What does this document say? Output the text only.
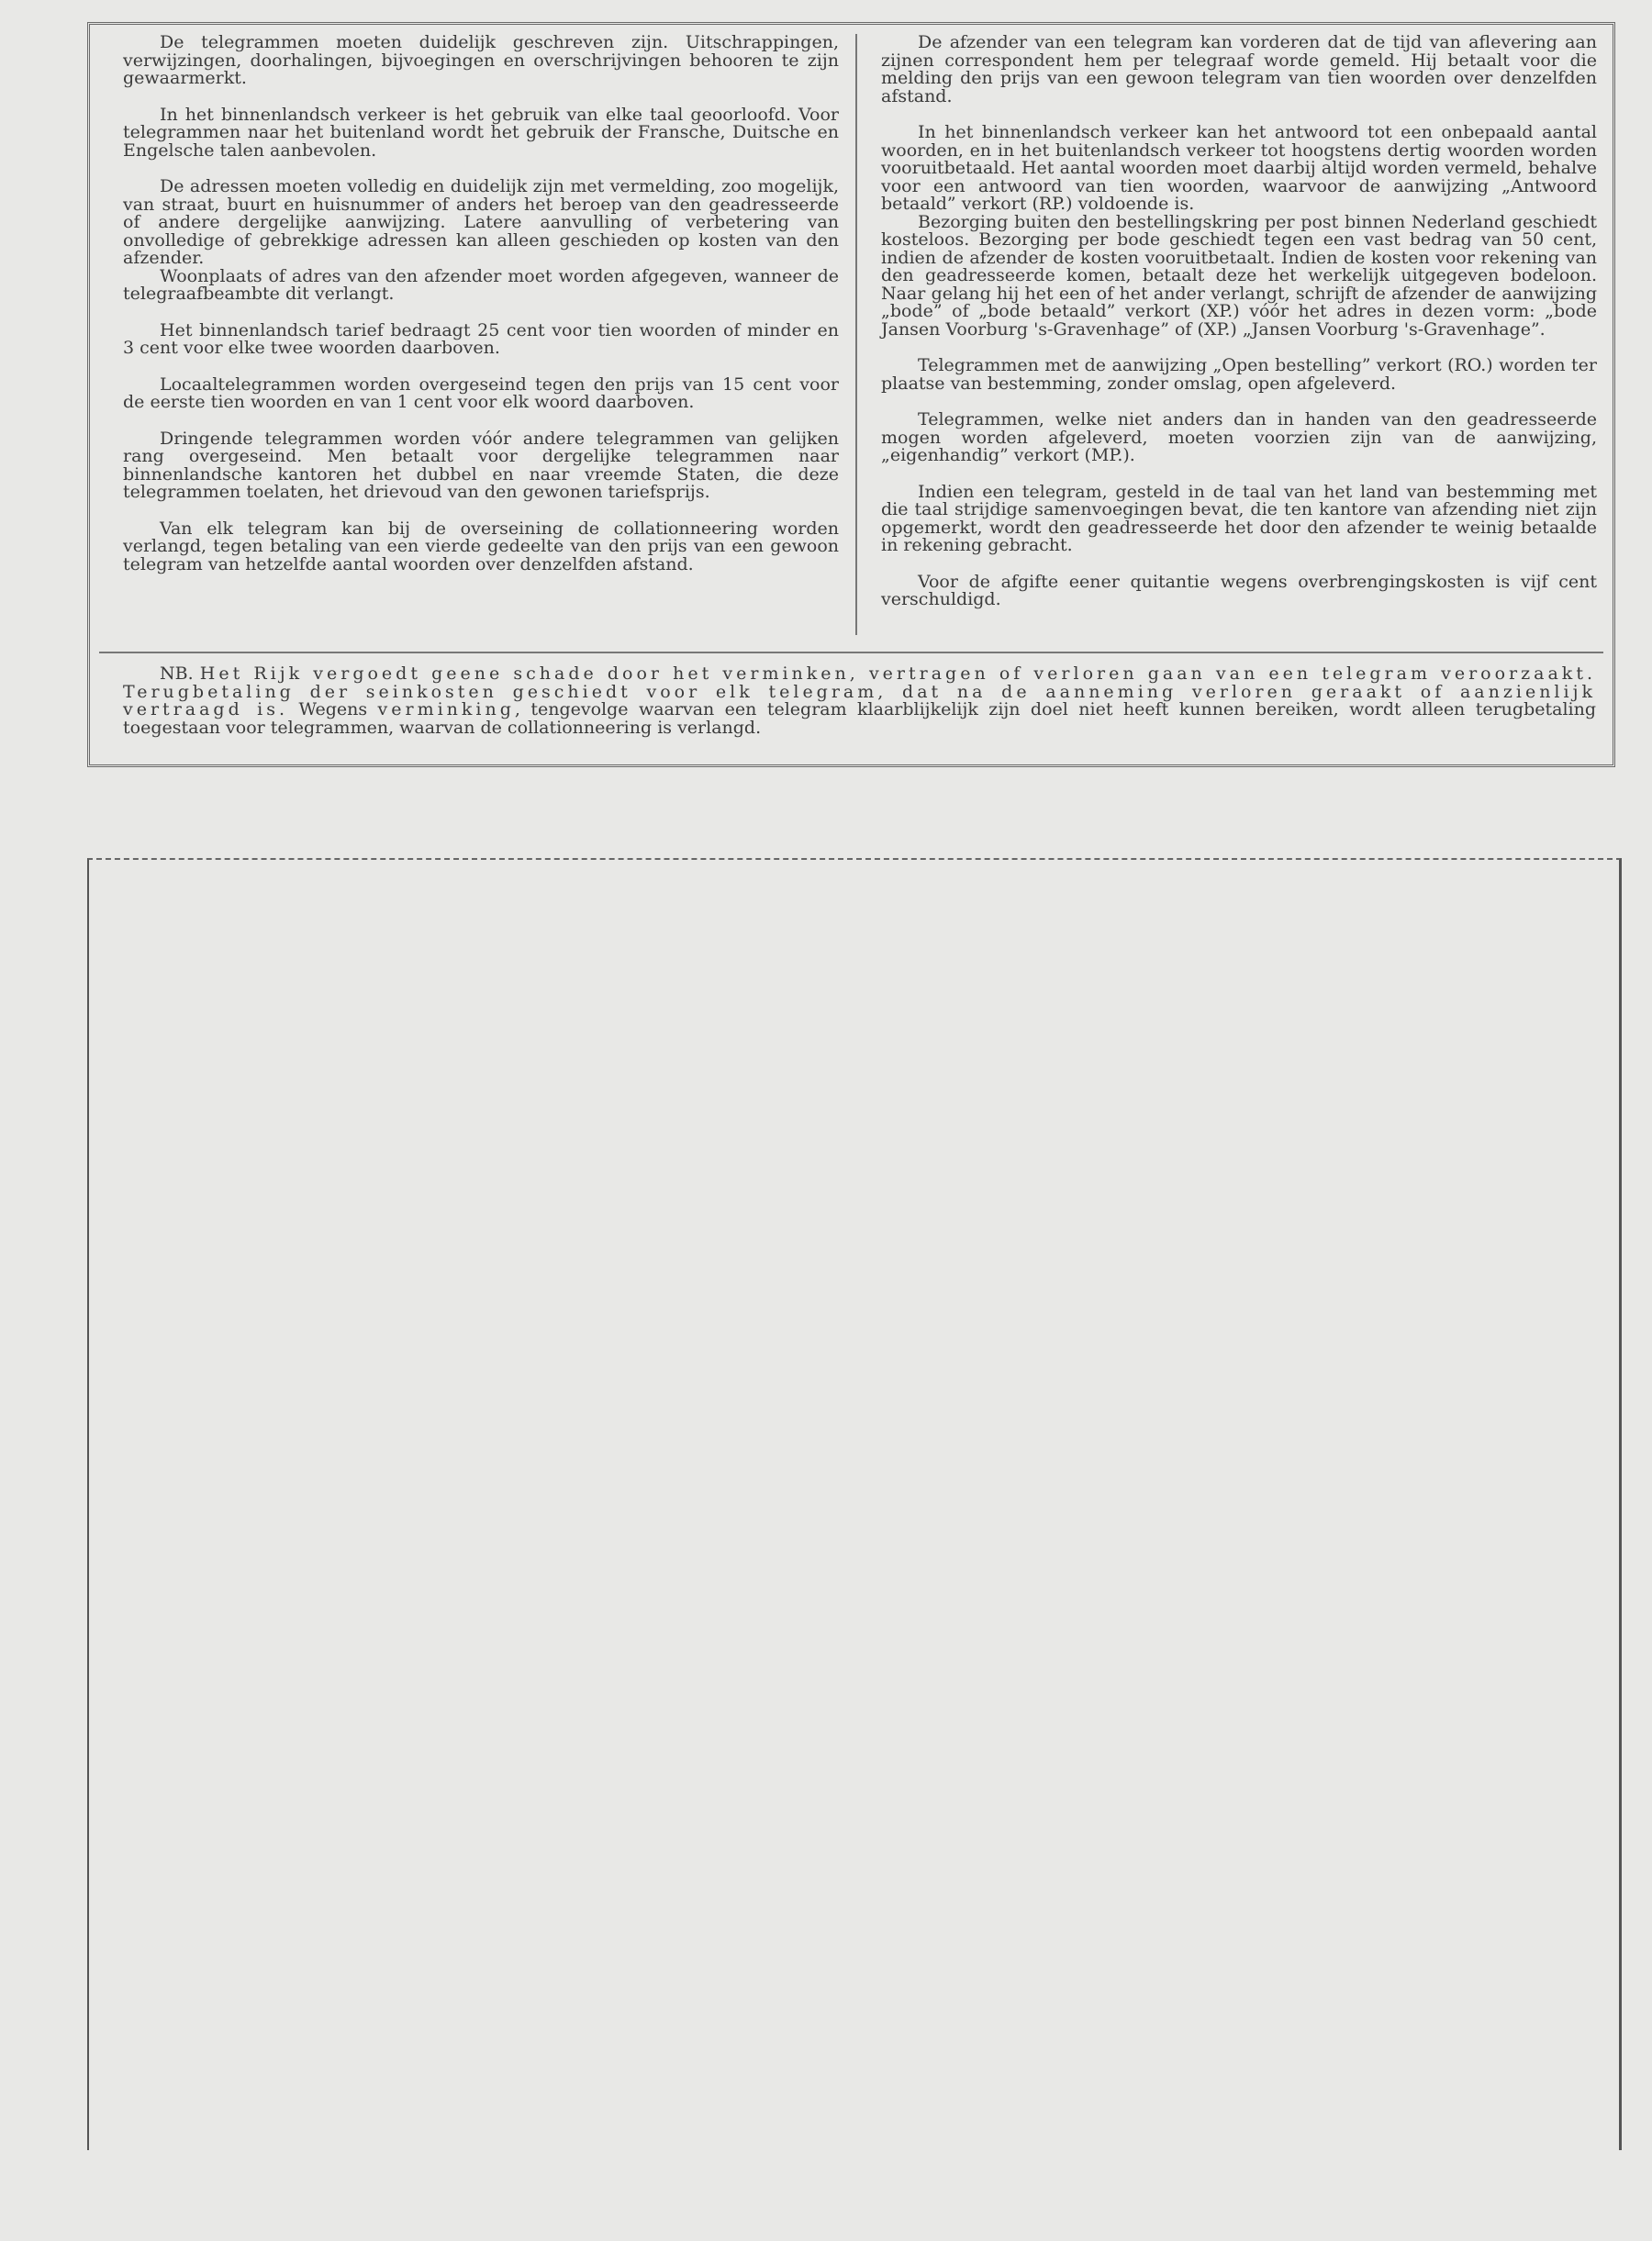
De telegrammen moeten duidelijk geschreven zijn. Uitschrappingen, verwijzingen, doorhalingen, bijvoegingen en overschrijvingen behooren te zijn gewaarmerkt.

In het binnenlandsch verkeer is het gebruik van elke taal geoorloofd. Voor telegrammen naar het buitenland wordt het gebruik der Fransche, Duitsche en Engelsche talen aanbevolen.

De adressen moeten volledig en duidelijk zijn met vermelding, zoo mogelijk, van straat, buurt en huisnummer of anders het beroep van den geadresseerde of andere dergelijke aanwijzing. Latere aanvulling of verbetering van onvolledige of gebrekkige adressen kan alleen geschieden op kosten van den afzender.

Woonplaats of adres van den afzender moet worden afgegeven, wanneer de telegraafbeambte dit verlangt.

Het binnenlandsch tarief bedraagt 25 cent voor tien woorden of minder en 3 cent voor elke twee woorden daarboven.

Locaaltelegrammen worden overgeseind tegen den prijs van 15 cent voor de eerste tien woorden en van 1 cent voor elk woord daarboven.

Dringende telegrammen worden vóór andere telegrammen van gelijken rang overgeseind. Men betaalt voor dergelijke telegrammen naar binnenlandsche kantoren het dubbel en naar vreemde Staten, die deze telegrammen toelaten, het drievoud van den gewonen tariefsprijs.

Van elk telegram kan bij de overseining de collationneering worden verlangd, tegen betaling van een vierde gedeelte van den prijs van een gewoon telegram van hetzelfde aantal woorden over denzelfden afstand.

De afzender van een telegram kan vorderen dat de tijd van aflevering aan zijnen correspondent hem per telegraaf worde gemeld. Hij betaalt voor die melding den prijs van een gewoon telegram van tien woorden over denzelfden afstand.

In het binnenlandsch verkeer kan het antwoord tot een onbepaald aantal woorden, en in het buitenlandsch verkeer tot hoogstens dertig woorden worden vooruitbetaald. Het aantal woorden moet daarbij altijd worden vermeld, behalve voor een antwoord van tien woorden, waarvoor de aanwijzing „Antwoord betaald” verkort (RP.) voldoende is.

Bezorging buiten den bestellingskring per post binnen Nederland geschiedt kosteloos. Bezorging per bode geschiedt tegen een vast bedrag van 50 cent, indien de afzender de kosten vooruitbetaalt. Indien de kosten voor rekening van den geadresseerde komen, betaalt deze het werkelijk uitgegeven bodeloon. Naar gelang hij het een of het ander verlangt, schrijft de afzender de aanwijzing „bode” of „bode betaald” verkort (XP.) vóór het adres in dezen vorm: „bode Jansen Voorburg 's-Gravenhage” of (XP.) „Jansen Voorburg 's-Gravenhage”.

Telegrammen met de aanwijzing „Open bestelling” verkort (RO.) worden ter plaatse van bestemming, zonder omslag, open afgeleverd.

Telegrammen, welke niet anders dan in handen van den geadresseerde mogen worden afgeleverd, moeten voorzien zijn van de aanwijzing, „eigenhandig” verkort (MP.).

Indien een telegram, gesteld in de taal van het land van bestemming met die taal strijdige samenvoegingen bevat, die ten kantore van afzending niet zijn opgemerkt, wordt den geadresseerde het door den afzender te weinig betaalde in rekening gebracht.

Voor de afgifte eener quitantie wegens overbrengingskosten is vijf cent verschuldigd.

NB. Het Rijk vergoedt geene schade door het verminken, vertragen of verloren gaan van een telegram veroorzaakt. Terugbetaling der seinkosten geschiedt voor elk telegram, dat na de aanneming verloren geraakt of aanzienlijk vertraagd is. Wegens verminking, tengevolge waarvan een telegram klaarblijkelijk zijn doel niet heeft kunnen bereiken, wordt alleen terugbetaling toegestaan voor telegrammen, waarvan de collationneering is verlangd.
